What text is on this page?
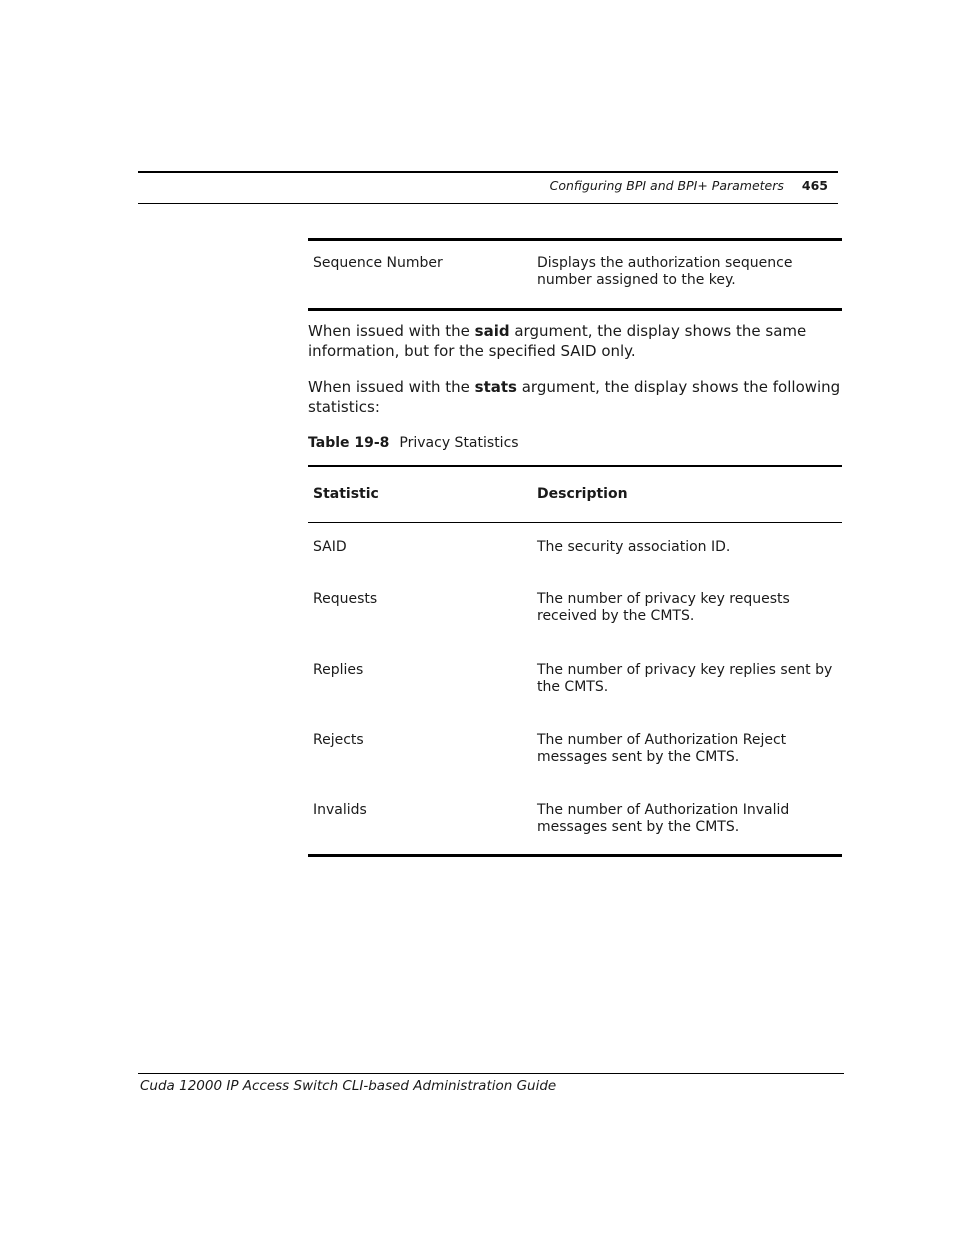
Configuring BPI and BPI+ Parameters 465
Sequence Number	Displays the authorization sequence number assigned to the key.
When issued with the said argument, the display shows the same information, but for the specified SAID only.
When issued with the stats argument, the display shows the following statistics:
Table 19-8 Privacy Statistics
Statistic	Description
SAID	The security association ID.
Requests	The number of privacy key requests received by the CMTS.
Replies	The number of privacy key replies sent by the CMTS.
Rejects	The number of Authorization Reject messages sent by the CMTS.
Invalids	The number of Authorization Invalid messages sent by the CMTS.
Cuda 12000 IP Access Switch CLI-based Administration Guide
